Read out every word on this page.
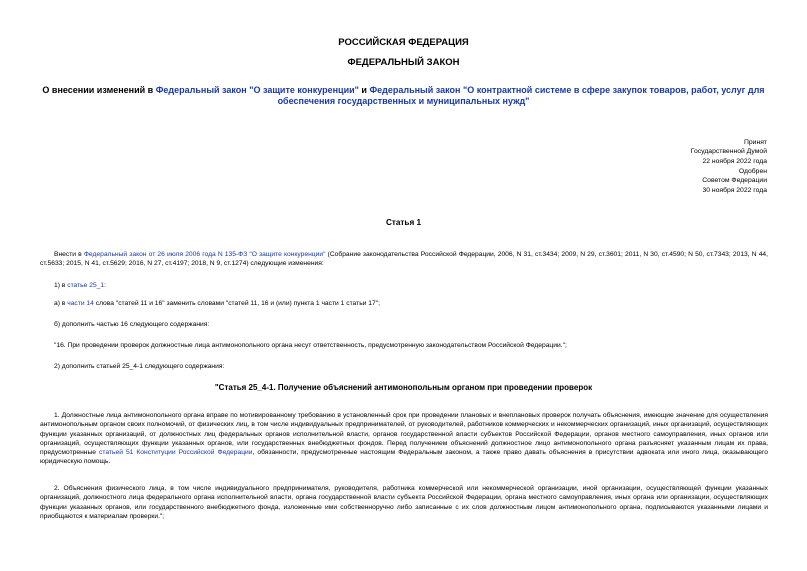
РОССИЙСКАЯ ФЕДЕРАЦИЯ
ФЕДЕРАЛЬНЫЙ ЗАКОН
О внесении изменений в Федеральный закон "О защите конкуренции" и Федеральный закон "О контрактной системе в сфере закупок товаров, работ, услуг для обеспечения государственных и муниципальных нужд"
Принят
Государственной Думой
22 ноября 2022 года
Одобрен
Советом Федерации
30 ноября 2022 года
Статья 1
Внести в Федеральный закон от 26 июля 2006 года N 135-ФЗ "О защите конкуренции" (Собрание законодательства Российской Федерации, 2006, N 31, ст.3434; 2009, N 29, ст.3601; 2011, N 30, ст.4590; N 50, ст.7343; 2013, N 44, ст.5633; 2015, N 41, ст.5629; 2016, N 27, ст.4197; 2018, N 9, ст.1274) следующие изменения:
1) в статье 25_1:
а) в части 14 слова "статей 11 и 16" заменить словами "статей 11, 16 и (или) пункта 1 части 1 статьи 17";
б) дополнить частью 16 следующего содержания:
"16. При проведении проверок должностные лица антимонопольного органа несут ответственность, предусмотренную законодательством Российской Федерации.";
2) дополнить статьей 25_4-1 следующего содержания:
"Статья 25_4-1. Получение объяснений антимонопольным органом при проведении проверок
1. Должностные лица антимонопольного органа вправе по мотивированному требованию в установленный срок при проведении плановых и внеплановых проверок получать объяснения, имеющие значение для осуществления антимонопольным органом своих полномочий, от физических лиц, в том числе индивидуальных предпринимателей, от руководителей, работников коммерческих и некоммерческих организаций, иных организаций, осуществляющих функции указанных организаций, от должностных лиц федеральных органов исполнительной власти, органов государственной власти субъектов Российской Федерации, органов местного самоуправления, иных органов или организаций, осуществляющих функции указанных органов, или государственных внебюджетных фондов. Перед получением объяснений должностное лицо антимонопольного органа разъясняет указанным лицам их права, предусмотренные статьей 51 Конституции Российской Федерации, обязанности, предусмотренные настоящим Федеральным законом, а также право давать объяснения в присутствии адвоката или иного лица, оказывающего юридическую помощь.
2. Объяснения физического лица, в том числе индивидуального предпринимателя, руководителя, работника коммерческой или некоммерческой организации, иной организации, осуществляющей функции указанных организаций, должностного лица федерального органа исполнительной власти, органа государственной власти субъекта Российской Федерации, органа местного самоуправления, иных органа или организации, осуществляющих функции указанных органов, или государственного внебюджетного фонда, изложенные ими собственноручно либо записанные с их слов должностным лицом антимонопольного органа, подписываются указанными лицами и приобщаются к материалам проверки.";
